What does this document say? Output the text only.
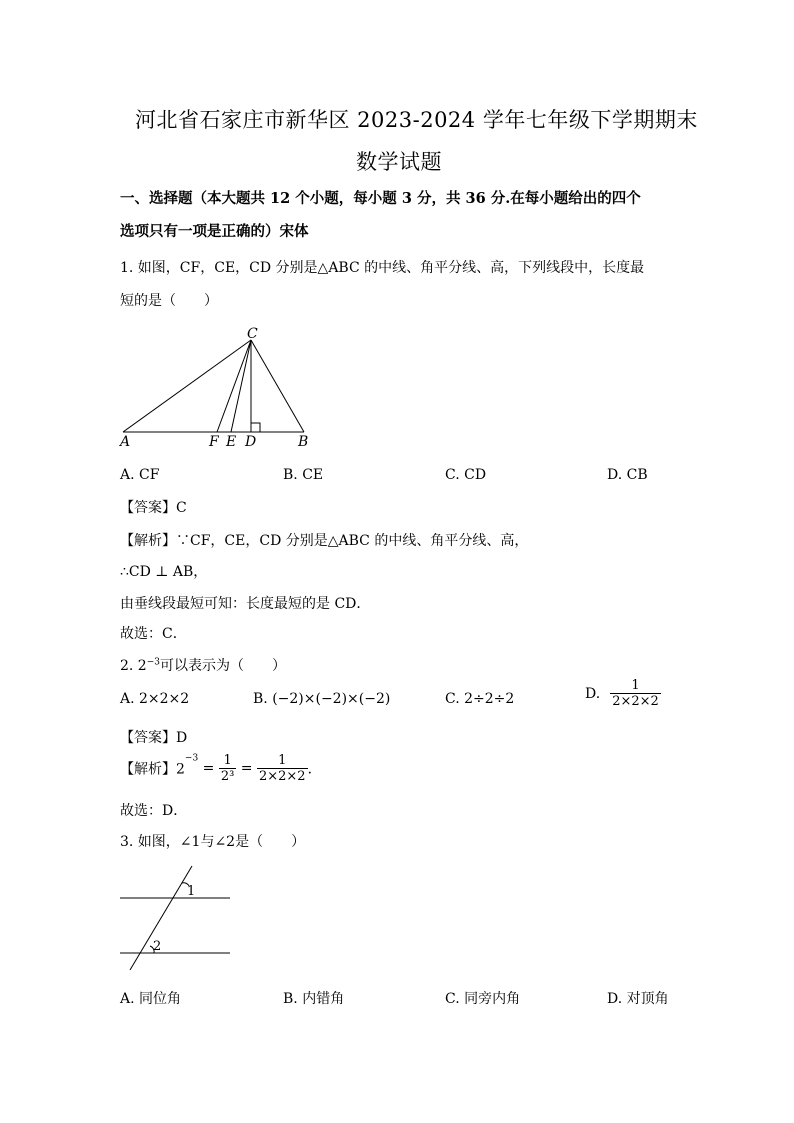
河北省石家庄市新华区 2023-2024 学年七年级下学期期末
数学试题
一、选择题（本大题共 12 个小题，每小题 3 分，共 36 分.在每小题给出的四个
选项只有一项是正确的）宋体
1. 如图，CF，CE，CD 分别是△ABC 的中线、角平分线、高，下列线段中，长度最
短的是（　　）
C
A	F E D	B
A. CF	B. CE	C. CD	D. CB
【答案】C
【解析】∵CF，CE，CD 分别是△ABC 的中线、角平分线、高，
∴CD ⊥ AB，
由垂线段最短可知：长度最短的是 CD．
故选：C．
2. $2^{-3}$可以表示为（　　）
A. 2×2×2	B. (−2)×(−2)×(−2)	C. 2÷2÷2	D. $\frac{1}{2\times 2\times 2}$
【答案】D
【解析】$2^{-3} = \frac{1}{\text{2³}} = \frac{1}{2\times 2\times 2}$ ．
故选：D．
3. 如图，∠1与∠2是（　　）
1
2
A. 同位角	B. 内错角	C. 同旁内角	D. 对顶角
